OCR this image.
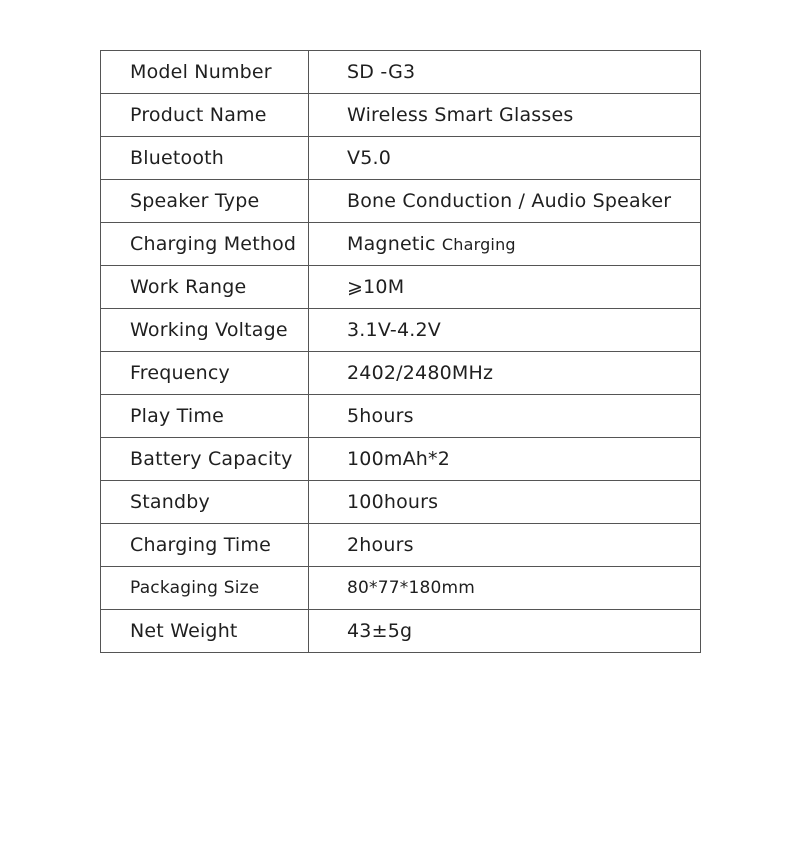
Model Number	SD -G3
Product Name	Wireless Smart Glasses
Bluetooth	V5.0
Speaker Type	Bone Conduction / Audio Speaker
Charging Method	Magnetic Charging
Work Range	⩾10M
Working Voltage	3.1V-4.2V
Frequency	2402/2480MHz
Play Time	5hours
Battery Capacity	100mAh*2
Standby	100hours
Charging Time	2hours
Packaging Size	80*77*180mm
Net Weight	43±5g
